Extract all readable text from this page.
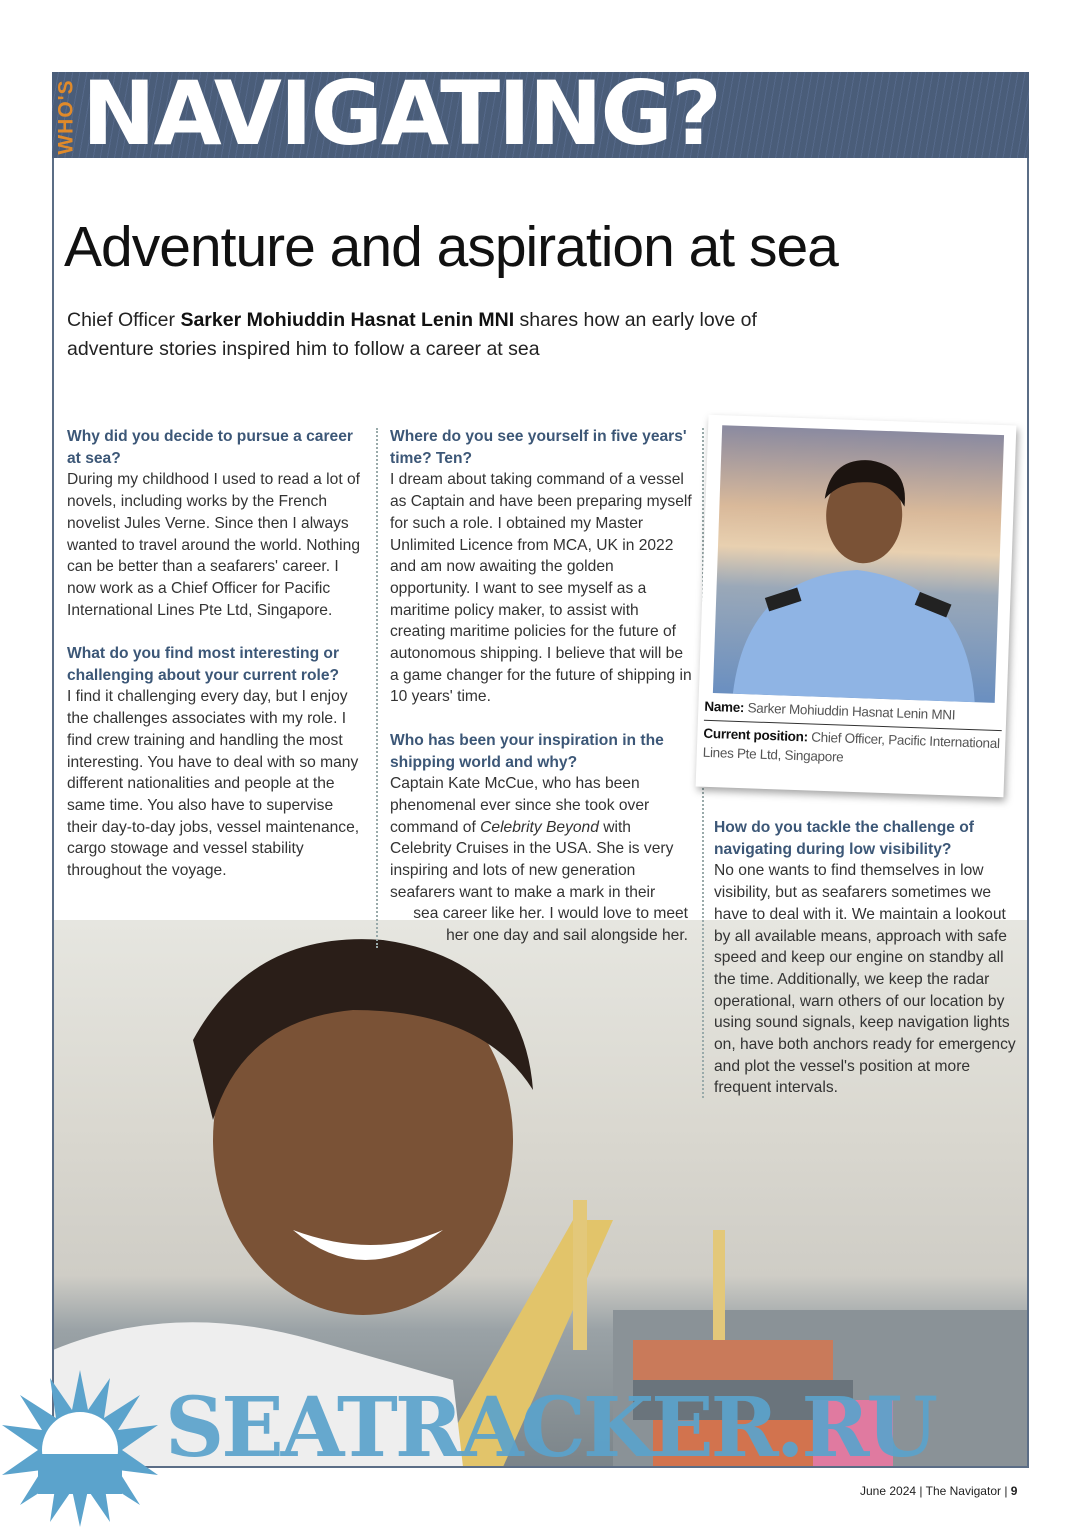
WHO'S NAVIGATING?
Adventure and aspiration at sea
Chief Officer Sarker Mohiuddin Hasnat Lenin MNI shares how an early love of adventure stories inspired him to follow a career at sea
Why did you decide to pursue a career at sea?

During my childhood I used to read a lot of novels, including works by the French novelist Jules Verne. Since then I always wanted to travel around the world. Nothing can be better than a seafarers' career. I now work as a Chief Officer for Pacific International Lines Pte Ltd, Singapore.

What do you find most interesting or challenging about your current role?

I find it challenging every day, but I enjoy the challenges associates with my role. I find crew training and handling the most interesting. You have to deal with so many different nationalities and people at the same time. You also have to supervise their day-to-day jobs, vessel maintenance, cargo stowage and vessel stability throughout the voyage.

Where do you see yourself in five years' time? Ten?

I dream about taking command of a vessel as Captain and have been preparing myself for such a role. I obtained my Master Unlimited Licence from MCA, UK in 2022 and am now awaiting the golden opportunity. I want to see myself as a maritime policy maker, to assist with creating maritime policies for the future of autonomous shipping. I believe that will be a game changer for the future of shipping in 10 years' time.

Who has been your inspiration in the shipping world and why?
Captain Kate McCue, who has been phenomenal ever since she took over command of Celebrity Beyond with Celebrity Cruises in the USA. She is very inspiring and lots of new generation seafarers want to make a mark in their
sea career like her. I would love to meet
her one day and sail alongside her.
Name: Sarker Mohiuddin Hasnat Lenin MNI
Current position: Chief Officer, Pacific International Lines Pte Ltd, Singapore
How do you tackle the challenge of navigating during low visibility?

No one wants to find themselves in low visibility, but as seafarers sometimes we have to deal with it. We maintain a lookout by all available means, approach with safe speed and keep our engine on standby all the time. Additionally, we keep the radar operational, warn others of our location by using sound signals, keep navigation lights on, have both anchors ready for emergency and plot the vessel's position at more frequent intervals.

SEATRACKER.RU
June 2024 | The Navigator | 9
